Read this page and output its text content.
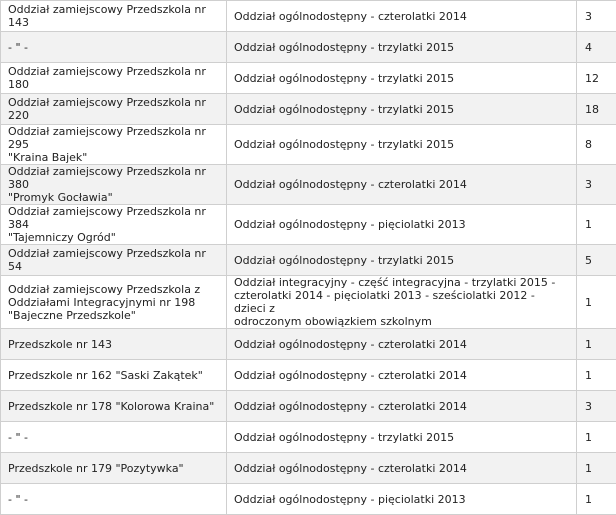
Oddział zamiejscowy Przedszkola nr 143	Oddział ogólnodostępny - czterolatki 2014	3
- " -	Oddział ogólnodostępny - trzylatki 2015	4
Oddział zamiejscowy Przedszkola nr 180	Oddział ogólnodostępny - trzylatki 2015	12
Oddział zamiejscowy Przedszkola nr 220	Oddział ogólnodostępny - trzylatki 2015	18
Oddział zamiejscowy Przedszkola nr 295
"Kraina Bajek"	Oddział ogólnodostępny - trzylatki 2015	8
Oddział zamiejscowy Przedszkola nr 380
"Promyk Gocławia"	Oddział ogólnodostępny - czterolatki 2014	3
Oddział zamiejscowy Przedszkola nr 384
"Tajemniczy Ogród"	Oddział ogólnodostępny - pięciolatki 2013	1
Oddział zamiejscowy Przedszkola nr 54	Oddział ogólnodostępny - trzylatki 2015	5
Oddział zamiejscowy Przedszkola z
Oddziałami Integracyjnymi nr 198
"Bajeczne Przedszkole"	Oddział integracyjny - część integracyjna - trzylatki 2015 -
czterolatki 2014 - pięciolatki 2013 - sześciolatki 2012 - dzieci z
odroczonym obowiązkiem szkolnym	1
Przedszkole nr 143	Oddział ogólnodostępny - czterolatki 2014	1
Przedszkole nr 162 "Saski Zakątek"	Oddział ogólnodostępny - czterolatki 2014	1
Przedszkole nr 178 "Kolorowa Kraina"	Oddział ogólnodostępny - czterolatki 2014	3
- " -	Oddział ogólnodostępny - trzylatki 2015	1
Przedszkole nr 179 "Pozytywka"	Oddział ogólnodostępny - czterolatki 2014	1
- " -	Oddział ogólnodostępny - pięciolatki 2013	1
